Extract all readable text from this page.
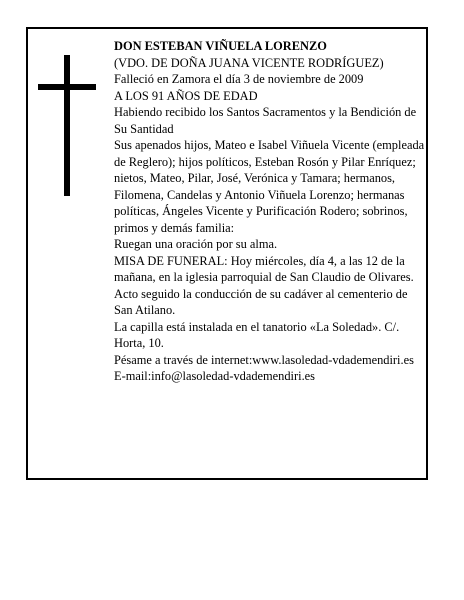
DON ESTEBAN VIÑUELA LORENZO
(VDO. DE DOÑA JUANA VICENTE RODRÍGUEZ)
Falleció en Zamora el día 3 de noviembre de 2009
A LOS 91 AÑOS DE EDAD
Habiendo recibido los Santos Sacramentos y la Bendición de Su Santidad
Sus apenados hijos, Mateo e Isabel Viñuela Vicente (empleada de Reglero); hijos políticos, Esteban Rosón y Pilar Enríquez; nietos, Mateo, Pilar, José, Verónica y Tamara; hermanos, Filomena, Candelas y Antonio Viñuela Lorenzo; hermanas políticas, Ángeles Vicente y Purificación Rodero; sobrinos, primos y demás familia:
Ruegan una oración por su alma.
MISA DE FUNERAL: Hoy miércoles, día 4, a las 12 de la mañana, en la iglesia parroquial de San Claudio de Olivares. Acto seguido la conducción de su cadáver al cementerio de San Atilano.
La capilla está instalada en el tanatorio «La Soledad». C/. Horta, 10.
Pésame a través de internet:www.lasoledad-vdademendiri.es
E-mail:info@lasoledad-vdademendiri.es
